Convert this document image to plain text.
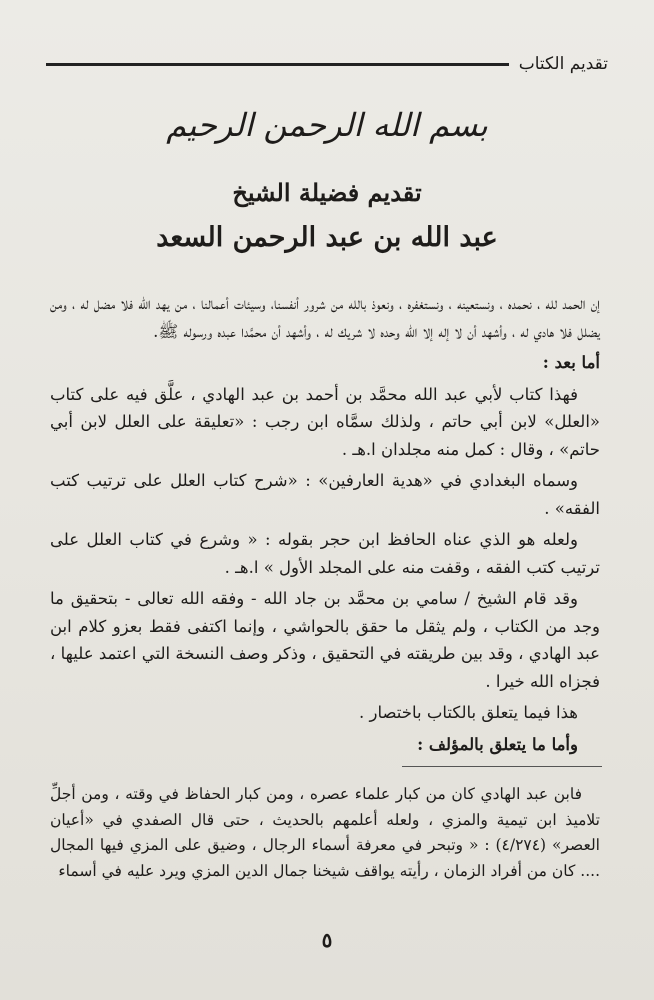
تقديم الكتاب
بسم الله الرحمن الرحيم
تقديم فضيلة الشيخ
عبد الله بن عبد الرحمن السعد

إن الحمد لله ، نحمده ، ونستعينه ، ونستغفره ، ونعوذ بالله من شرور أنفسنا، وسيئات أعمالنا ، من يهد الله فلا مضل له ، ومن يضلل فلا هادي له ، وأشهد أن لا إله إلا الله وحده لا شريك له ، وأشهد أن محمَّدا عبده ورسوله ﷺ.

أما بعد :

فهذا كتاب لأبي عبد الله محمَّد بن أحمد بن عبد الهادي ، علَّق فيه على كتاب «العلل» لابن أبي حاتم ، ولذلك سمَّاه ابن رجب : «تعليقة على العلل لابن أبي حاتم» ، وقال : كمل منه مجلدان ا.هـ .

وسماه البغدادي في «هدية العارفين» : «شرح كتاب العلل على ترتيب كتب الفقه» .

ولعله هو الذي عناه الحافظ ابن حجر بقوله : « وشرع في كتاب العلل على ترتيب كتب الفقه ، وقفت منه على المجلد الأول » ا.هـ .

وقد قام الشيخ / سامي بن محمَّد بن جاد الله - وفقه الله تعالى - بتحقيق ما وجد من الكتاب ، ولم يثقل ما حقق بالحواشي ، وإنما اكتفى فقط بعزو كلام ابن عبد الهادي ، وقد بين طريقته في التحقيق ، وذكر وصف النسخة التي اعتمد عليها ، فجزاه الله خيرا .

هذا فيما يتعلق بالكتاب باختصار .

وأما ما يتعلق بالمؤلف :

فابن عبد الهادي كان من كبار علماء عصره ، ومن كبار الحفاظ في وقته ، ومن أجلِّ تلاميذ ابن تيمية والمزي ، ولعله أعلمهم بالحديث ، حتى قال الصفدي في «أعيان العصر» (٤/٢٧٤) : « وتبحر في معرفة أسماء الرجال ، وضيق على المزي فيها المجال .... كان من أفراد الزمان ، رأيته يواقف شيخنا جمال الدين المزي ويرد عليه في أسماء

٥
